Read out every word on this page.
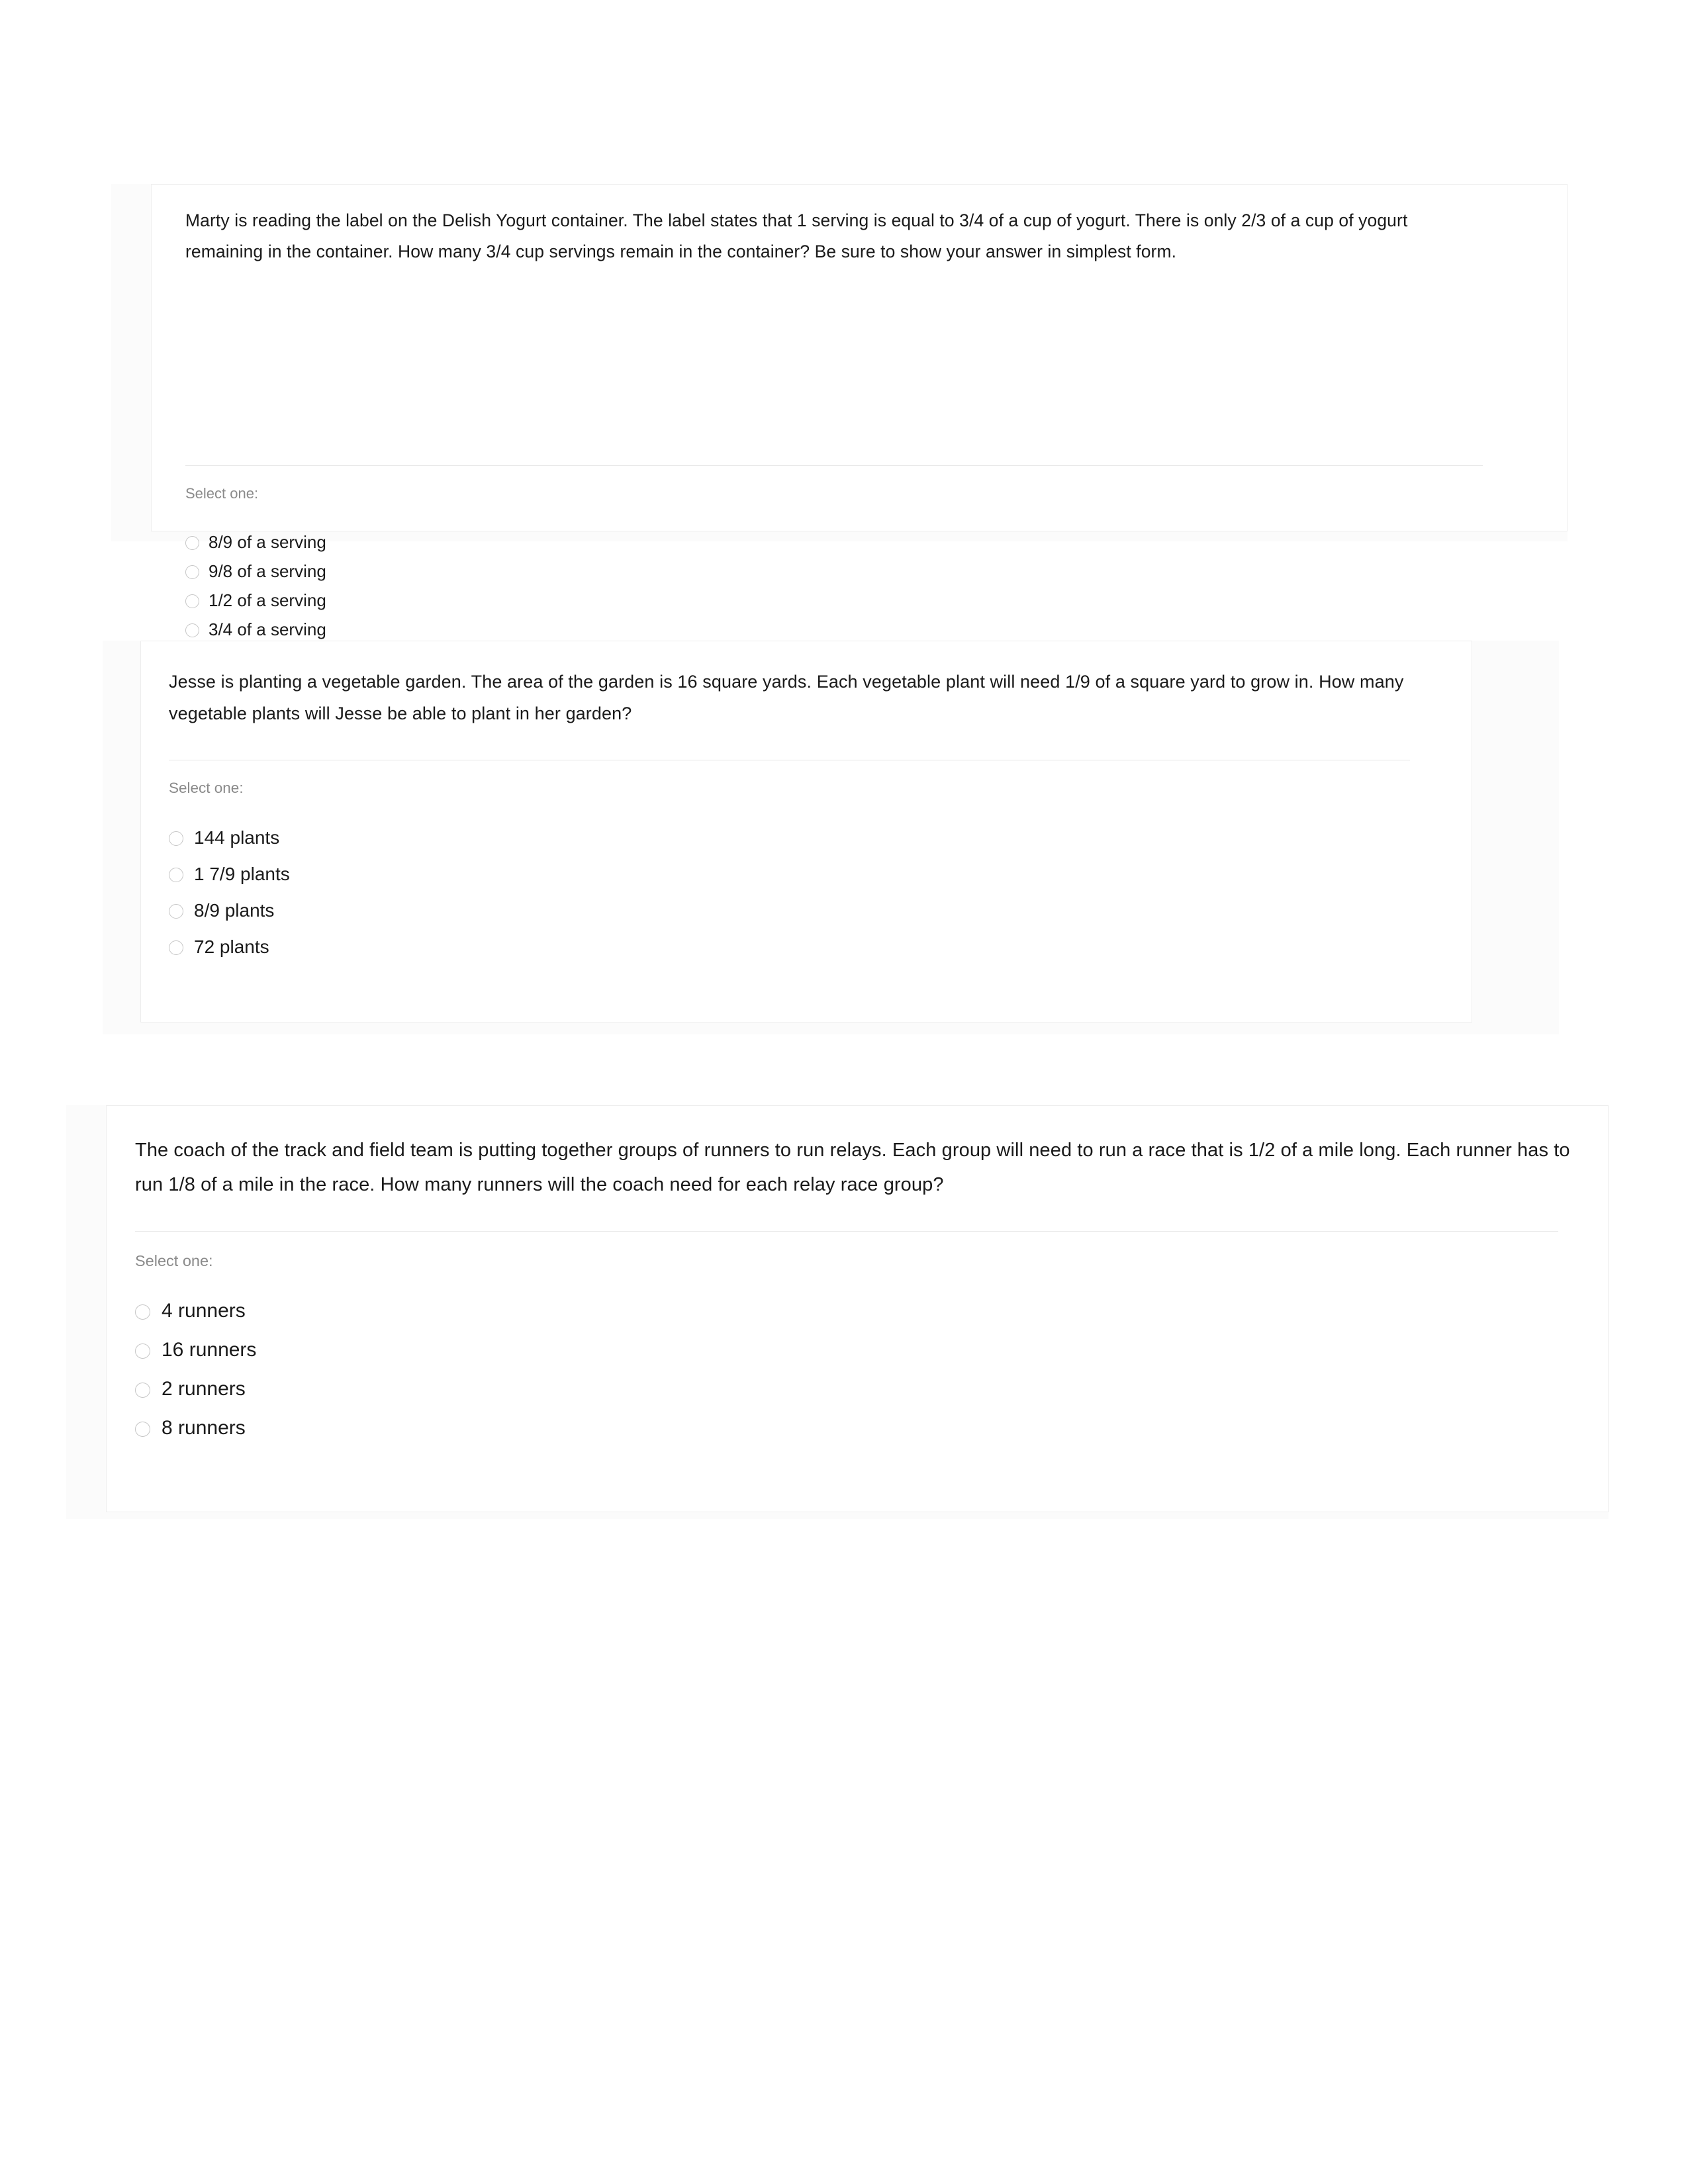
Marty is reading the label on the Delish Yogurt container. The label states that 1 serving is equal to 3/4 of a cup of yogurt. There is only 2/3 of a cup of yogurt remaining in the container. How many 3/4 cup servings remain in the container? Be sure to show your answer in simplest form.
Select one:
8/9 of a serving
9/8 of a serving
1/2 of a serving
3/4 of a serving
Jesse is planting a vegetable garden. The area of the garden is 16 square yards. Each vegetable plant will need 1/9 of a square yard to grow in. How many vegetable plants will Jesse be able to plant in her garden?
Select one:
144 plants
1 7/9 plants
8/9 plants
72 plants
The coach of the track and field team is putting together groups of runners to run relays. Each group will need to run a race that is 1/2 of a mile long. Each runner has to run 1/8 of a mile in the race. How many runners will the coach need for each relay race group?
Select one:
4 runners
16 runners
2 runners
8 runners
